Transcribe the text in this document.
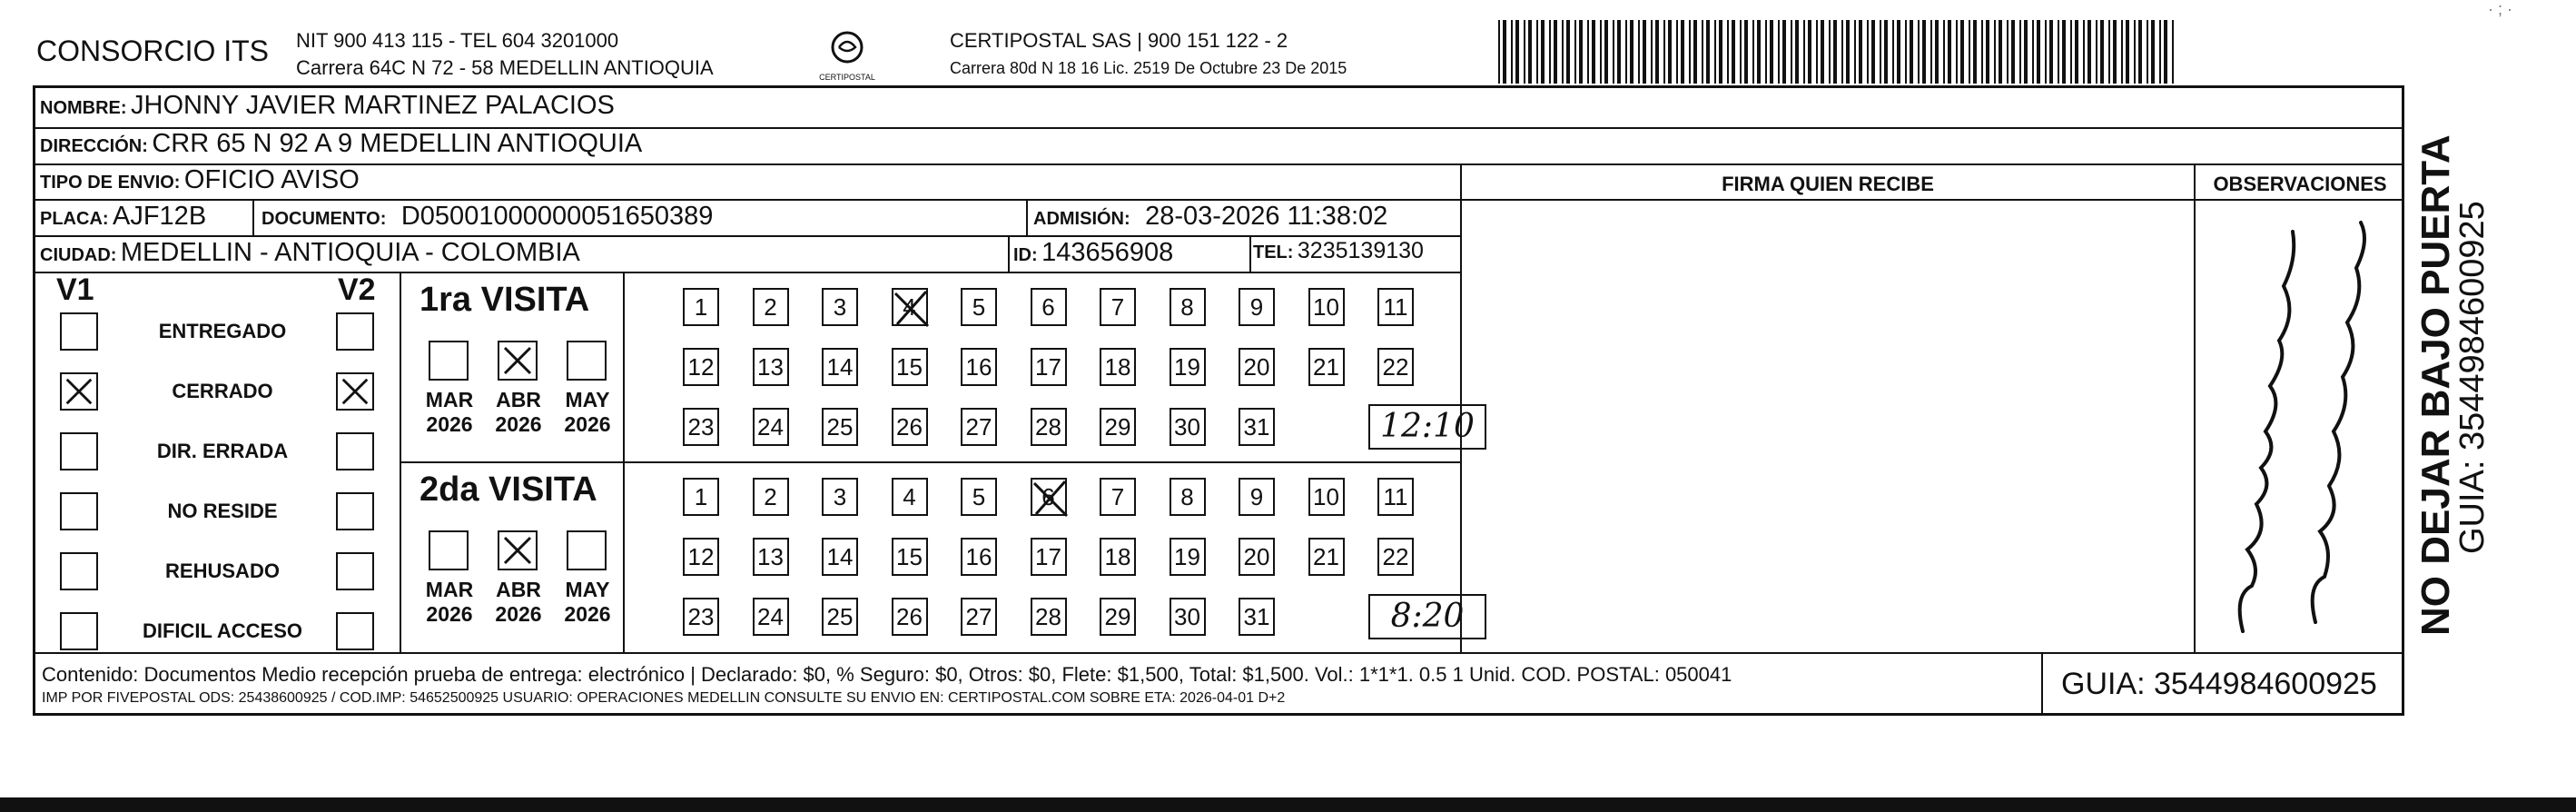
CONSORCIO ITS NIT 900 413 115 - TEL 604 3201000
Carrera 64C N 72 - 58 MEDELLIN ANTIOQUIA	CERTIPOSTAL
CERTIPOSTAL SAS | 900 151 122 - 2
Carrera 80d N 18 16 Lic. 2519 De Octubre 23 De 2015
· ; ·
NOMBRE: JHONNY JAVIER MARTINEZ PALACIOS
DIRECCIÓN: CRR 65 N 92 A 9 MEDELLIN ANTIOQUIA
TIPO DE ENVIO: OFICIO AVISO	FIRMA QUIEN RECIBE	OBSERVACIONES
PLACA: AJF12B	DOCUMENTO: D05001000000051650389	ADMISIÓN: 28-03-2026 11:38:02
CIUDAD: MEDELLIN - ANTIOQUIA - COLOMBIA	ID: 143656908	TEL: 3235139130
V1	V2
ENTREGADO
CERRADO
DIR. ERRADA
NO RESIDE
REHUSADO
DIFICIL ACCESO
1ra VISITA
MAR
2026
ABR
2026
MAY
2026
1	2	3	4	5	6	7	8	9	10 11
12 13 14 15 16 17 18 19 20 21 22
23 24 25 26 27 28 29 30 31	12:10
2da VISITA
MAR
2026
ABR
2026
MAY
2026
1	2	3	4	5	6	7	8	9	10 11
12 13 14 15 16 17 18 19 20 21 22
23 24 25 26 27 28 29 30 31	8:20
Contenido: Documentos Medio recepción prueba de entrega: electrónico | Declarado: $0, % Seguro: $0, Otros: $0, Flete: $1,500, Total: $1,500. Vol.: 1*1*1. 0.5 1 Unid. COD. POSTAL: 050041
IMP POR FIVEPOSTAL ODS: 25438600925 / COD.IMP: 54652500925 USUARIO: OPERACIONES MEDELLIN CONSULTE SU ENVIO EN: CERTIPOSTAL.COM SOBRE ETA: 2026-04-01 D+2	GUIA: 3544984600925
NO DEJAR BAJO PUERTA
GUIA: 3544984600925
